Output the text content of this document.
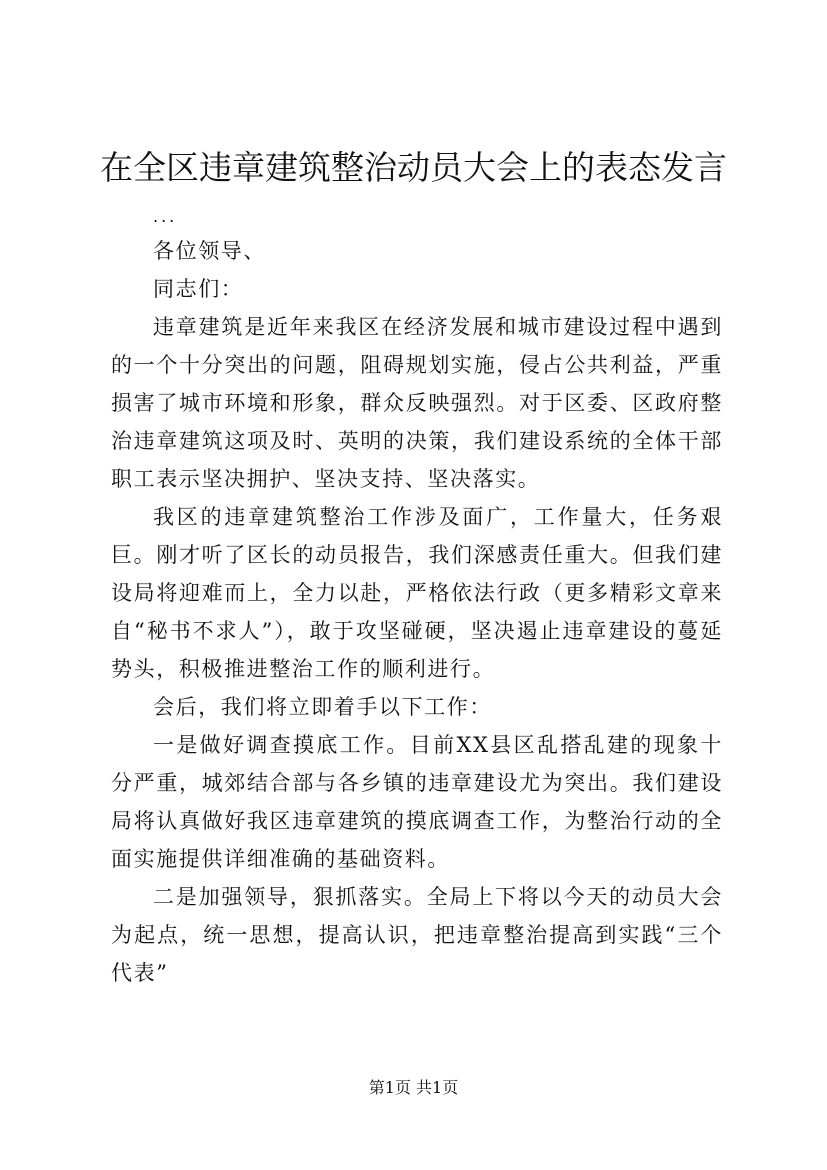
在全区违章建筑整治动员大会上的表态发言

...

各位领导、

同志们：

违章建筑是近年来我区在经济发展和城市建设过程中遇到的一个十分突出的问题，阻碍规划实施，侵占公共利益，严重损害了城市环境和形象，群众反映强烈。对于区委、区政府整治违章建筑这项及时、英明的决策，我们建设系统的全体干部职工表示坚决拥护、坚决支持、坚决落实。

我区的违章建筑整治工作涉及面广，工作量大，任务艰巨。刚才听了区长的动员报告，我们深感责任重大。但我们建设局将迎难而上，全力以赴，严格依法行政（更多精彩文章来自“秘书不求人”），敢于攻坚碰硬，坚决遏止违章建设的蔓延势头，积极推进整治工作的顺利进行。

会后，我们将立即着手以下工作：

一是做好调查摸底工作。目前XX县区乱搭乱建的现象十分严重，城郊结合部与各乡镇的违章建设尤为突出。我们建设局将认真做好我区违章建筑的摸底调查工作，为整治行动的全面实施提供详细准确的基础资料。

二是加强领导，狠抓落实。全局上下将以今天的动员大会为起点，统一思想，提高认识，把违章整治提高到实践“三个代表”

第1页 共1页
